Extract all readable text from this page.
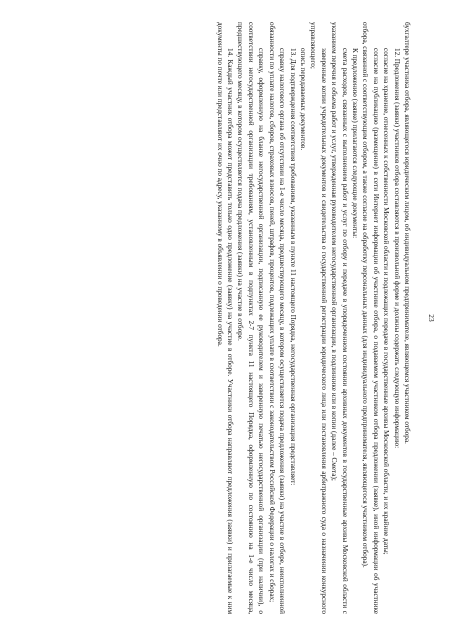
23

бухгалтере участника отбора, являющегося юридическим лицом, об индивидуальном предпринимателе, являющемся участником отбора.

12. Предложения (заявки) участников отбора составляются в произвольной форме и должны содержать следующую информацию:

согласие на хранение, отнесенных к собственности Московской области и подлежащих передаче в государственные архивы Московской области, и их крайние даты;

согласие на публикацию (размещение) в сети Интернет информации об участнике отбора, о подаваемом участником отбора предложении (заявке), иной информации об участнике отбора, связанной с соответствующим отбором, а также согласие на обработку персональных данных (для индивидуального предпринимателя, являющегося участником отбора).

К предложению (заявке) прилагаются следующие документы:

смета расходов, связанных с выполнением работ и услуг по отбору и передаче в упорядоченном состоянии архивных документов в государственные архивы Московской области с указанием перечня и объема работ и услуг, утвержденная руководителем негосударственной организации, в подлиннике или в копии (далее – Смета);

заверенные копии учредительных документов и свидетельства о государственной регистрации юридического лица или постановления арбитражного суда о назначении конкурсного управляющего;

опись передаваемых документов.

13. Для подтверждения соответствия требованиям, указанным в пункте 11 настоящего Порядка, негосударственная организация представляет:

справку налогового органа об отсутствии на 1-е число месяца, предшествующего месяцу, в котором осуществляется подача предложения (заявки) на участие в отборе, неисполненной обязанности по уплате налогов, сборов, страховых взносов, пеней, штрафов, процентов, подлежащих уплате в соответствии с законодательством Российской Федерации о налогах и сборах;

справку, оформленную на бланке негосударственной организации, подписанную ее руководителем и заверенную печатью негосударственной организации (при наличии), о соответствии негосударственной организации требованиям, установленным в подпунктах 2-7 пункта 11 настоящего Порядка, оформленную по состоянию на 1-е число месяца, предшествующего месяцу, в котором осуществляется подача предложения (заявки) на участие в отборе.

14. Каждый участник отбора может представить только одно предложение (заявку) на участие в отборе. Участники отбора направляют предложения (заявки) и прилагаемые к ним документы по почте или представляют их очно по адресу, указанному в объявлении о проведении отбора.
